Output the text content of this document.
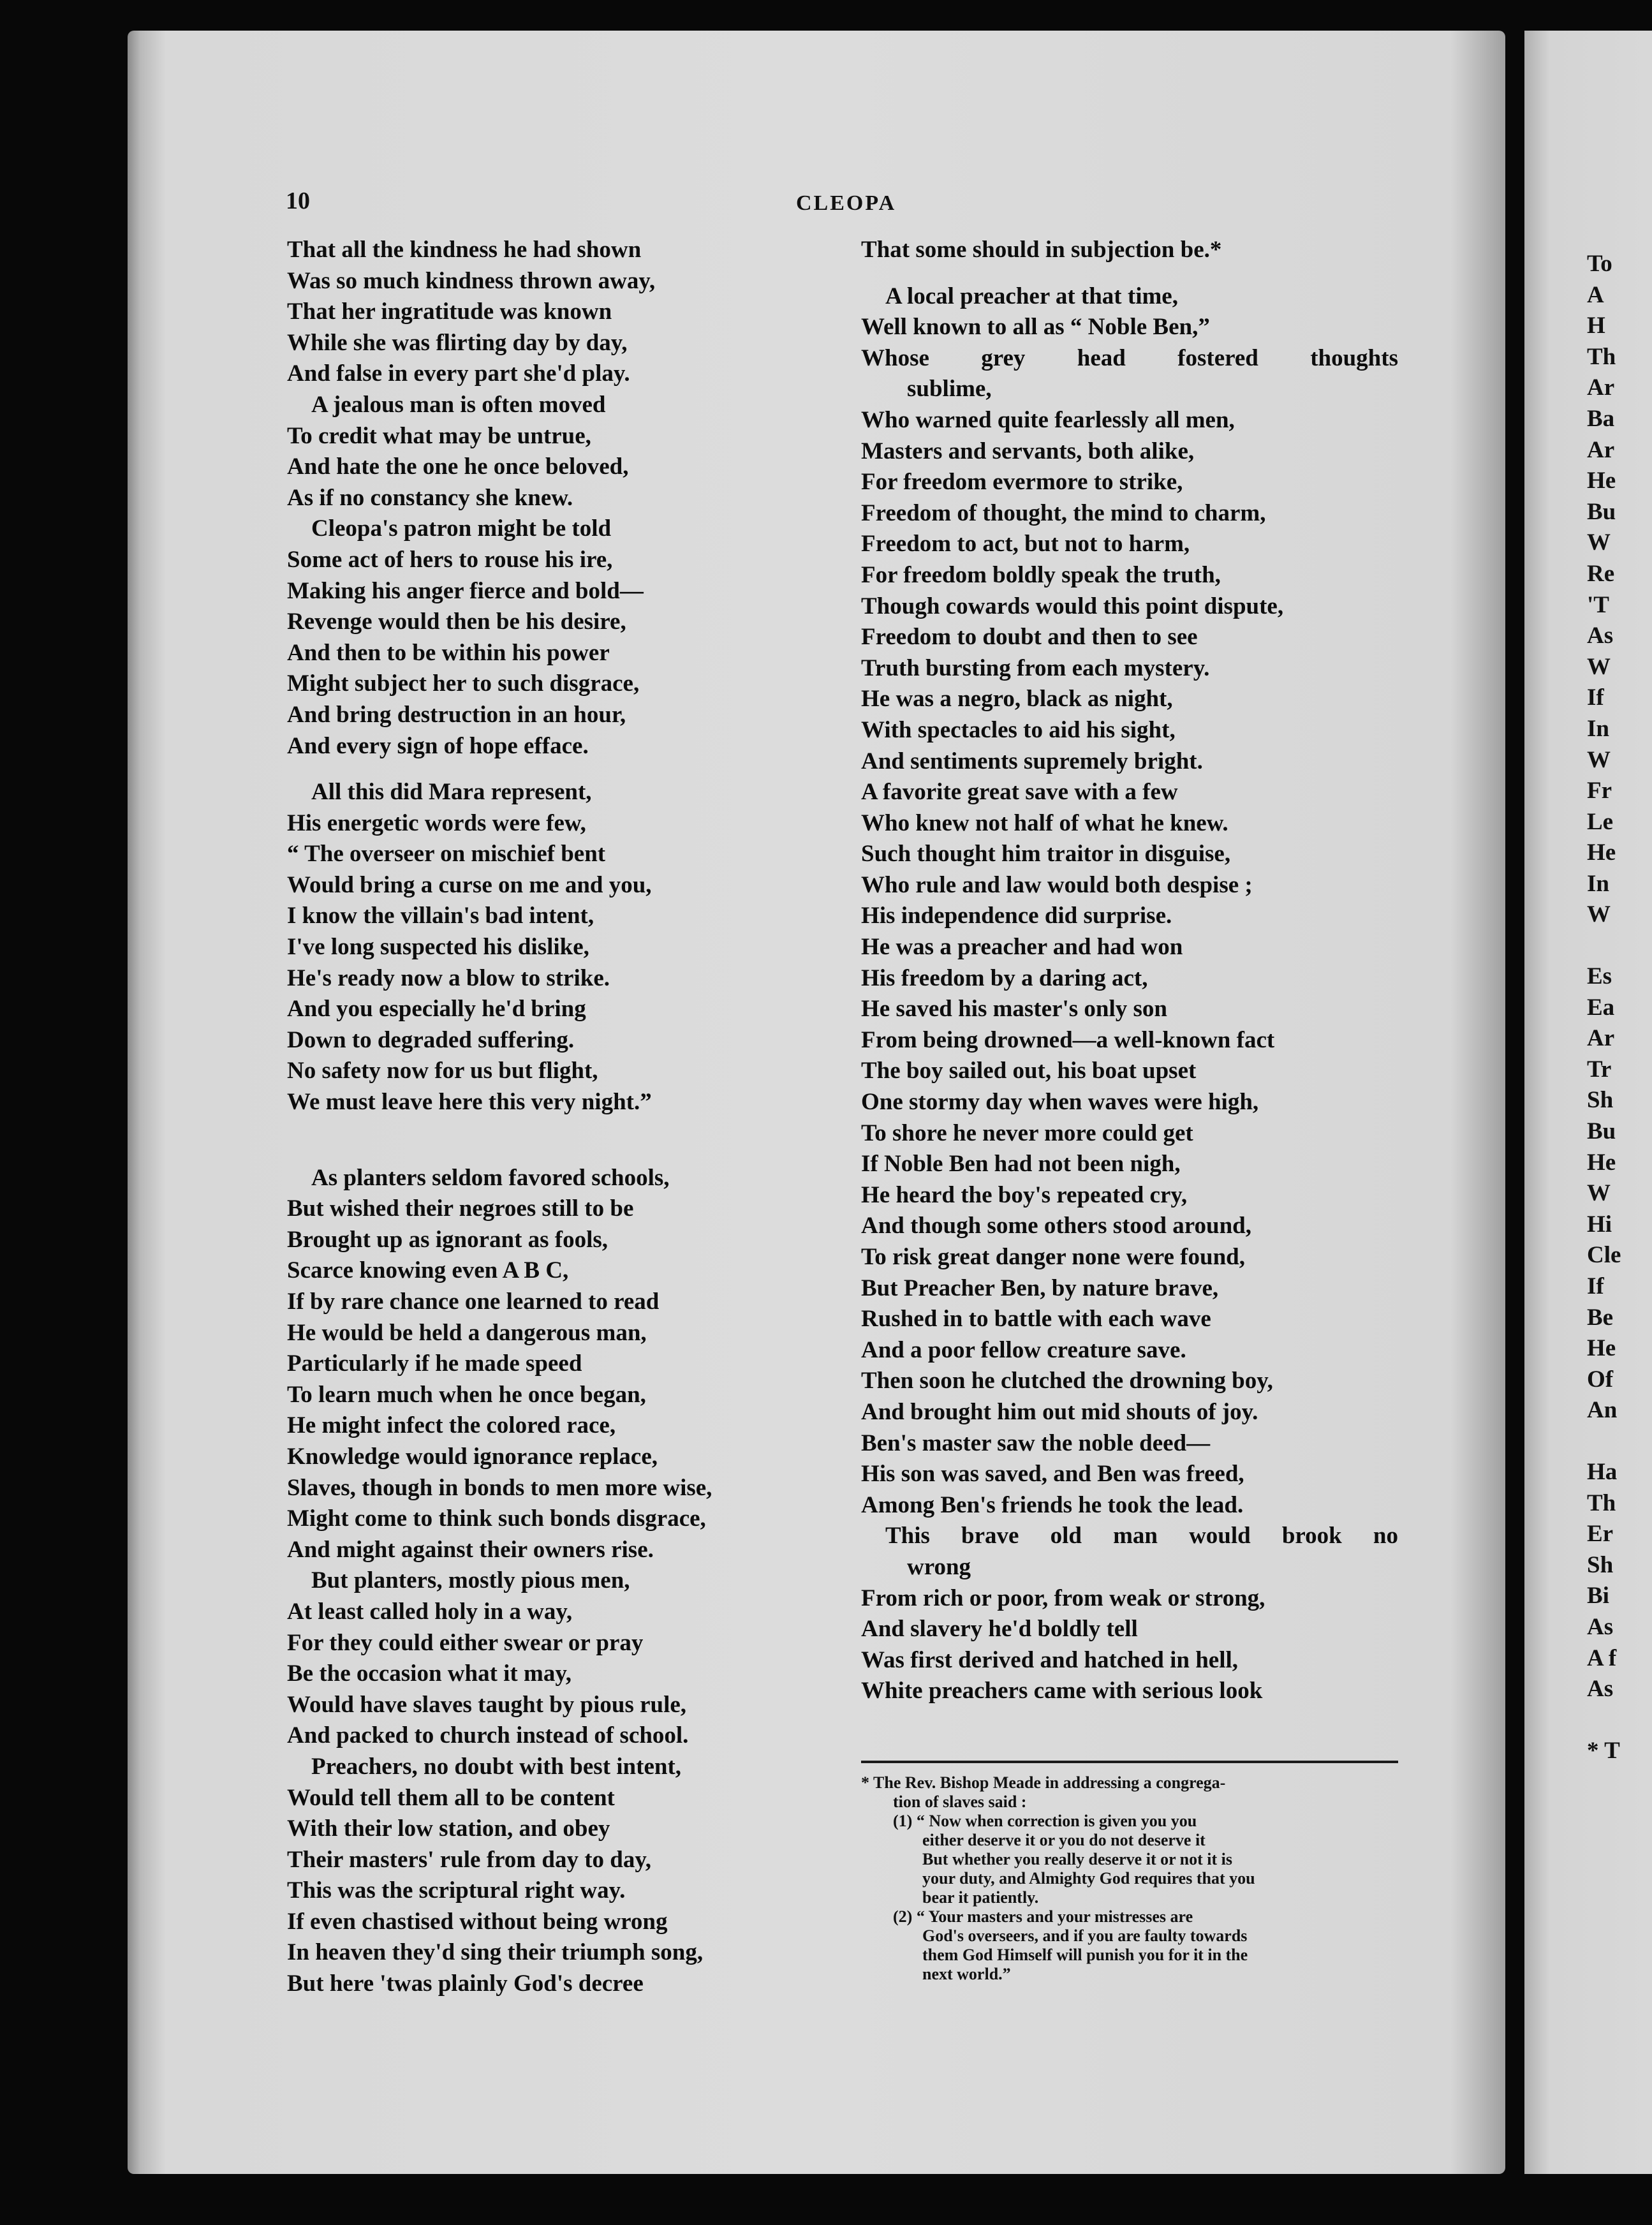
10	CLEOPA
That all the kindness he had shown
Was so much kindness thrown away,
That her ingratitude was known
While she was flirting day by day,
And false in every part she'd play.
A jealous man is often moved
To credit what may be untrue,
And hate the one he once beloved,
As if no constancy she knew.
Cleopa's patron might be told
Some act of hers to rouse his ire,
Making his anger fierce and bold—
Revenge would then be his desire,
And then to be within his power
Might subject her to such disgrace,
And bring destruction in an hour,
And every sign of hope efface.
All this did Mara represent,
His energetic words were few,
“ The overseer on mischief bent
Would bring a curse on me and you,
I know the villain's bad intent,
I've long suspected his dislike,
He's ready now a blow to strike.
And you especially he'd bring
Down to degraded suffering.
No safety now for us but flight,
We must leave here this very night.”
As planters seldom favored schools,
But wished their negroes still to be
Brought up as ignorant as fools,
Scarce knowing even A B C,
If by rare chance one learned to read
He would be held a dangerous man,
Particularly if he made speed
To learn much when he once began,
He might infect the colored race,
Knowledge would ignorance replace,
Slaves, though in bonds to men more wise,
Might come to think such bonds disgrace,
And might against their owners rise.
But planters, mostly pious men,
At least called holy in a way,
For they could either swear or pray
Be the occasion what it may,
Would have slaves taught by pious rule,
And packed to church instead of school.
Preachers, no doubt with best intent,
Would tell them all to be content
With their low station, and obey
Their masters' rule from day to day,
This was the scriptural right way.
If even chastised without being wrong
In heaven they'd sing their triumph song,
But here 'twas plainly God's decree
That some should in subjection be.*
A local preacher at that time,
Well known to all as “ Noble Ben,”
Whose grey head fostered thoughts
sublime,
Who warned quite fearlessly all men,
Masters and servants, both alike,
For freedom evermore to strike,
Freedom of thought, the mind to charm,
Freedom to act, but not to harm,
For freedom boldly speak the truth,
Though cowards would this point dispute,
Freedom to doubt and then to see
Truth bursting from each mystery.
He was a negro, black as night,
With spectacles to aid his sight,
And sentiments supremely bright.
A favorite great save with a few
Who knew not half of what he knew.
Such thought him traitor in disguise,
Who rule and law would both despise ;
His independence did surprise.
He was a preacher and had won
His freedom by a daring act,
He saved his master's only son
From being drowned—a well-known fact
The boy sailed out, his boat upset
One stormy day when waves were high,
To shore he never more could get
If Noble Ben had not been nigh,
He heard the boy's repeated cry,
And though some others stood around,
To risk great danger none were found,
But Preacher Ben, by nature brave,
Rushed in to battle with each wave
And a poor fellow creature save.
Then soon he clutched the drowning boy,
And brought him out mid shouts of joy.
Ben's master saw the noble deed—
His son was saved, and Ben was freed,
Among Ben's friends he took the lead.
This brave old man would brook no
wrong
From rich or poor, from weak or strong,
And slavery he'd boldly tell
Was first derived and hatched in hell,
White preachers came with serious look
* The Rev. Bishop Meade in addressing a congrega-
tion of slaves said :
(1) “ Now when correction is given you you
either deserve it or you do not deserve it
But whether you really deserve it or not it is
your duty, and Almighty God requires that you
bear it patiently.
(2) “ Your masters and your mistresses are
God's overseers, and if you are faulty towards
them God Himself will punish you for it in the
next world.”
To
A
H
Th
Ar
Ba
Ar
He
Bu
W
Re
'T
As
W
If
In
W
Fr
Le
He
In
W
Es
Ea
Ar
Tr
Sh
Bu
He
W
Hi
Cle
If
Be
He
Of
An
Ha
Th
Er
Sh
Bi
As
A f
As
* T
